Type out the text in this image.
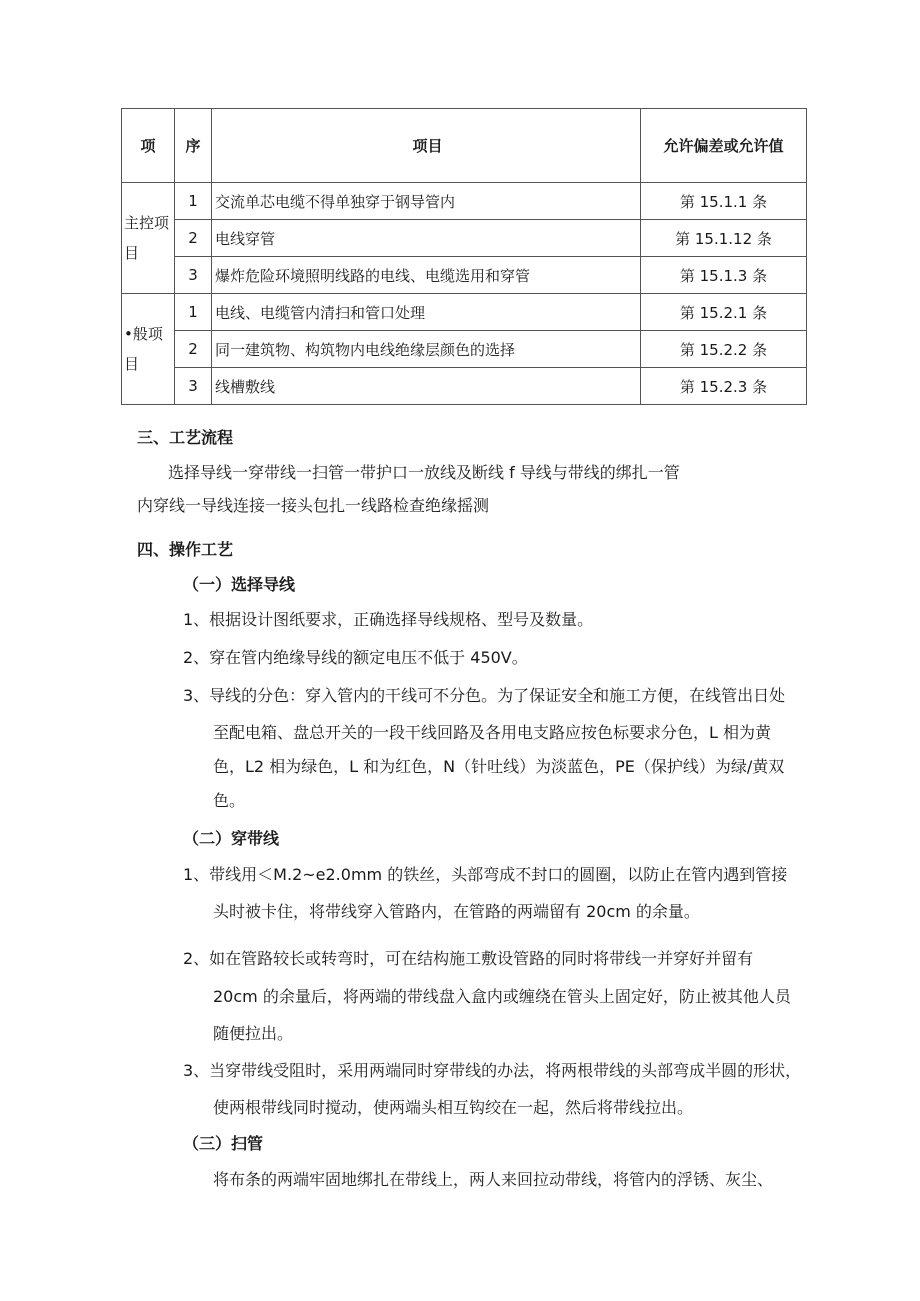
项	序	项目	允许偏差或允许值

主控项目	1	交流单芯电缆不得单独穿于钢导管内	第 15.1.1 条
	2	电线穿管	第 15.1.12 条
	3	爆炸危险环境照明线路的电线、电缆选用和穿管	第 15.1.3 条

•般项目	1	电线、电缆管内清扫和管口处理	第 15.2.1 条
	2	同一建筑物、构筑物内电线绝缘层颜色的选择	第 15.2.2 条
	3	线槽敷线	第 15.2.3 条
三、工艺流程
选择导线一穿带线一扫管一带护口一放线及断线 f 导线与带线的绑扎一管
内穿线一导线连接一接头包扎一线路检查绝缘摇测
四、操作工艺
（一）选择导线
1、根据设计图纸要求，正确选择导线规格、型号及数量。
2、穿在管内绝缘导线的额定电压不低于 450V。
3、导线的分色：穿入管内的干线可不分色。为了保证安全和施工方便，在线管出日处
至配电箱、盘总开关的一段干线回路及各用电支路应按色标要求分色，L 相为黄
色，L2 相为绿色，L 和为红色，N（针吐线）为淡蓝色，PE（保护线）为绿/黄双
色。
（二）穿带线
1、带线用＜M.2~e2.0mm 的铁丝，头部弯成不封口的圆圈，以防止在管内遇到管接
头时被卡住，将带线穿入管路内，在管路的两端留有 20cm 的余量。
2、如在管路较长或转弯时，可在结构施工敷设管路的同时将带线一并穿好并留有
20cm 的余量后，将两端的带线盘入盒内或缠绕在管头上固定好，防止被其他人员
随便拉出。
3、当穿带线受阻时，采用两端同时穿带线的办法，将两根带线的头部弯成半圆的形状，
使两根带线同时搅动，使两端头相互钩绞在一起，然后将带线拉出。
（三）扫管
将布条的两端牢固地绑扎在带线上，两人来回拉动带线，将管内的浮锈、灰尘、
